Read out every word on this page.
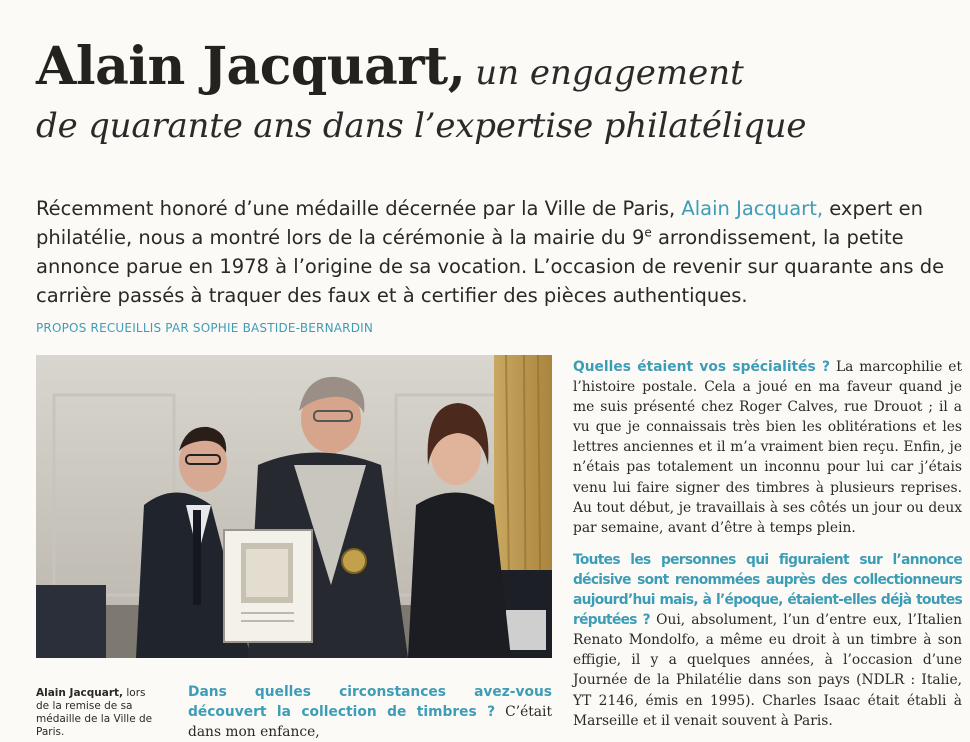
Alain Jacquart, un engagement
de quarante ans dans l’expertise philatélique

Récemment honoré d’une médaille décernée par la Ville de Paris, Alain Jacquart, expert en philatélie, nous a montré lors de la cérémonie à la mairie du 9e arrondissement, la petite annonce parue en 1978 à l’origine de sa vocation. L’occasion de revenir sur quarante ans de carrière passés à traquer des faux et à certifier des pièces authentiques.

PROPOS RECUEILLIS PAR SOPHIE BASTIDE-BERNARDIN

Alain Jacquart, lors de la remise de sa médaille de la Ville de Paris.

Dans quelles circonstances avez-vous découvert la collection de timbres ? C’était dans mon enfance,

Quelles étaient vos spécialités ? La marcophilie et l’histoire postale. Cela a joué en ma faveur quand je me suis présenté chez Roger Calves, rue Drouot ; il a vu que je connaissais très bien les oblitérations et les lettres anciennes et il m’a vraiment bien reçu. Enfin, je n’étais pas totalement un inconnu pour lui car j’étais venu lui faire signer des timbres à plusieurs reprises. Au tout début, je travaillais à ses côtés un jour ou deux par semaine, avant d’être à temps plein.

Toutes les personnes qui figuraient sur l’annonce décisive sont renommées auprès des collectionneurs aujourd’hui mais, à l’époque, étaient-elles déjà toutes réputées ? Oui, absolument, l’un d’entre eux, l’Italien Renato Mondolfo, a même eu droit à un timbre à son effigie, il y a quelques années, à l’occasion d’une Journée de la Philatélie dans son pays (NDLR : Italie, YT 2146, émis en 1995). Charles Isaac était établi à Marseille et il venait souvent à Paris.
